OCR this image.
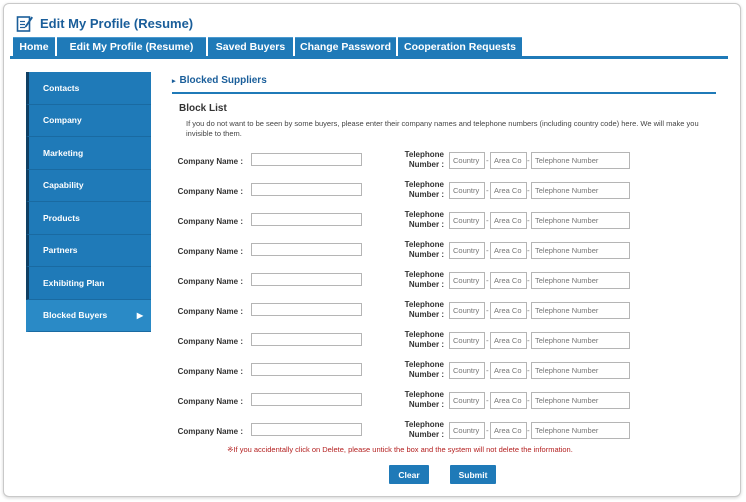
Edit My Profile (Resume)
Home	Edit My Profile (Resume)	Saved Buyers	Change Password	Cooperation Requests
Contacts
Company
Marketing
Capability
Products
Partners
Exhibiting Plan
Blocked Buyers	▶
▸ Blocked Suppliers
Block List
If you do not want to be seen by some buyers, please enter their company names and telephone numbers (including country code) here. We will make you invisible to them.
Company Name :
Telephone
Number :
Country	-
Area Co	-
Telephone Number
Company Name :
Telephone
Number :
Country	-
Area Co	-
Telephone Number
Company Name :
Telephone
Number :
Country	-
Area Co	-
Telephone Number
Company Name :
Telephone
Number :
Country	-
Area Co	-
Telephone Number
Company Name :
Telephone
Number :
Country	-
Area Co	-
Telephone Number
Company Name :
Telephone
Number :
Country	-
Area Co	-
Telephone Number
Company Name :
Telephone
Number :
Country	-
Area Co	-
Telephone Number
Company Name :
Telephone
Number :
Country	-
Area Co	-
Telephone Number
Company Name :
Telephone
Number :
Country	-
Area Co	-
Telephone Number
Company Name :
Telephone
Number :
Country	-
Area Co	-
Telephone Number
※If you accidentally click on Delete, please untick the box and the system will not delete the information.
Clear	Submit
